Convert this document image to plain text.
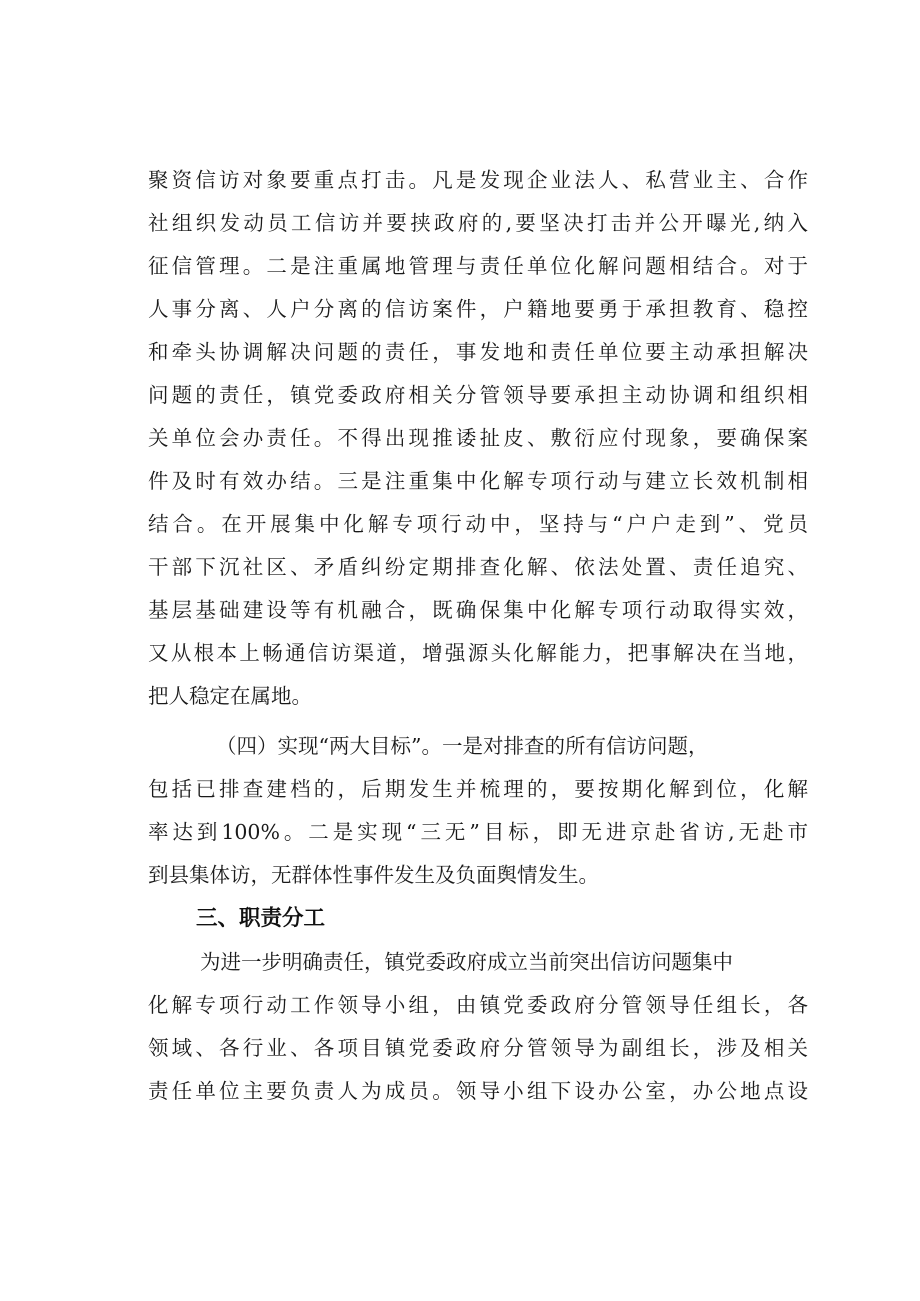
聚资信访对象要重点打击。凡是发现企业法人、私营业主、合作
社组织发动员工信访并要挟政府的,要坚决打击并公开曝光,纳入
征信管理。二是注重属地管理与责任单位化解问题相结合。对于
人事分离、人户分离的信访案件，户籍地要勇于承担教育、稳控
和牵头协调解决问题的责任，事发地和责任单位要主动承担解决
问题的责任，镇党委政府相关分管领导要承担主动协调和组织相
关单位会办责任。不得出现推诿扯皮、敷衍应付现象，要确保案
件及时有效办结。三是注重集中化解专项行动与建立长效机制相
结合。在开展集中化解专项行动中，坚持与“户户走到”、党员
干部下沉社区、矛盾纠纷定期排查化解、依法处置、责任追究、
基层基础建设等有机融合，既确保集中化解专项行动取得实效，
又从根本上畅通信访渠道，增强源头化解能力，把事解决在当地，
把人稳定在属地。
（四）实现“两大目标”。一是对排查的所有信访问题，
包括已排查建档的，后期发生并梳理的，要按期化解到位，化解
率达到100%。二是实现“三无”目标，即无进京赴省访,无赴市
到县集体访，无群体性事件发生及负面舆情发生。
三、职责分工
为进一步明确责任，镇党委政府成立当前突出信访问题集中
化解专项行动工作领导小组，由镇党委政府分管领导任组长，各
领域、各行业、各项目镇党委政府分管领导为副组长，涉及相关
责任单位主要负责人为成员。领导小组下设办公室，办公地点设
